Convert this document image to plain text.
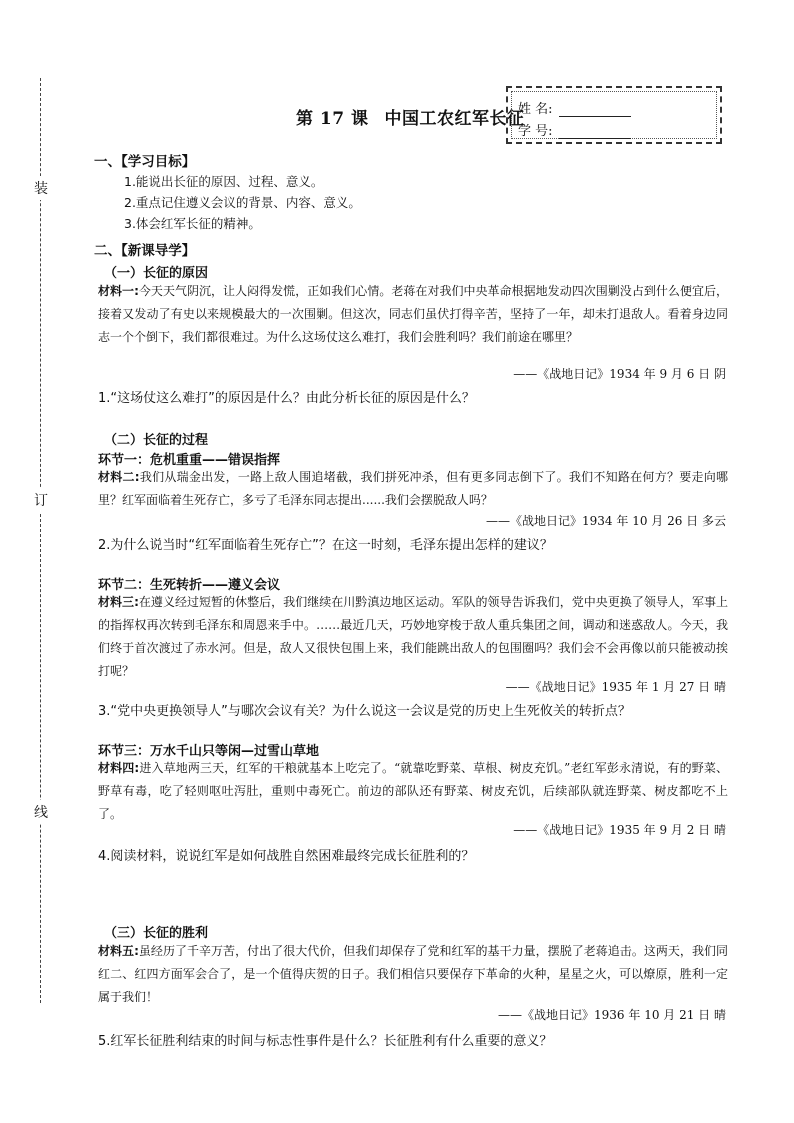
装
订
线
第 17 课 中国工农红军长征
姓 名:
学 号:
一、【学习目标】
1.能说出长征的原因、过程、意义。
2.重点记住遵义会议的背景、内容、意义。
3.体会红军长征的精神。
二、【新课导学】
（一）长征的原因
材料一:今天天气阴沉，让人闷得发慌，正如我们心情。老蒋在对我们中央革命根据地发动四次围剿没占到什么便宜后，接着又发动了有史以来规模最大的一次围剿。但这次，同志们虽伏打得辛苦，坚持了一年，却未打退敌人。看着身边同志一个个倒下，我们都很难过。为什么这场仗这么难打，我们会胜利吗？我们前途在哪里？
——《战地日记》1934 年 9 月 6 日 阴
1.“这场仗这么难打”的原因是什么？由此分析长征的原因是什么？
（二）长征的过程
环节一：危机重重——错误指挥
材料二:我们从瑞金出发，一路上敌人围追堵截，我们拼死冲杀，但有更多同志倒下了。我们不知路在何方？要走向哪里？红军面临着生死存亡，多亏了毛泽东同志提出......我们会摆脱敌人吗？
——《战地日记》1934 年 10 月 26 日 多云
2.为什么说当时“红军面临着生死存亡”？在这一时刻，毛泽东提出怎样的建议？
环节二：生死转折——遵义会议
材料三:在遵义经过短暂的休整后，我们继续在川黔滇边地区运动。军队的领导告诉我们，党中央更换了领导人，军事上的指挥权再次转到毛泽东和周恩来手中。……最近几天，巧妙地穿梭于敌人重兵集团之间，调动和迷惑敌人。今天，我们终于首次渡过了赤水河。但是，敌人又很快包围上来，我们能跳出敌人的包围圈吗？我们会不会再像以前只能被动挨打呢？
——《战地日记》1935 年 1 月 27 日 晴
3.“党中央更换领导人”与哪次会议有关？为什么说这一会议是党的历史上生死攸关的转折点？
环节三：万水千山只等闲—过雪山草地
材料四:进入草地两三天，红军的干粮就基本上吃完了。“就靠吃野菜、草根、树皮充饥。”老红军彭永清说，有的野菜、野草有毒，吃了轻则呕吐泻肚，重则中毒死亡。前边的部队还有野菜、树皮充饥，后续部队就连野菜、树皮都吃不上了。
——《战地日记》1935 年 9 月 2 日 晴
4.阅读材料，说说红军是如何战胜自然困难最终完成长征胜利的？
（三）长征的胜利
材料五:虽经历了千辛万苦，付出了很大代价，但我们却保存了党和红军的基干力量，摆脱了老蒋追击。这两天，我们同红二、红四方面军会合了，是一个值得庆贺的日子。我们相信只要保存下革命的火种，星星之火，可以燎原，胜利一定属于我们！
——《战地日记》1936 年 10 月 21 日 晴
5.红军长征胜利结束的时间与标志性事件是什么？长征胜利有什么重要的意义？
